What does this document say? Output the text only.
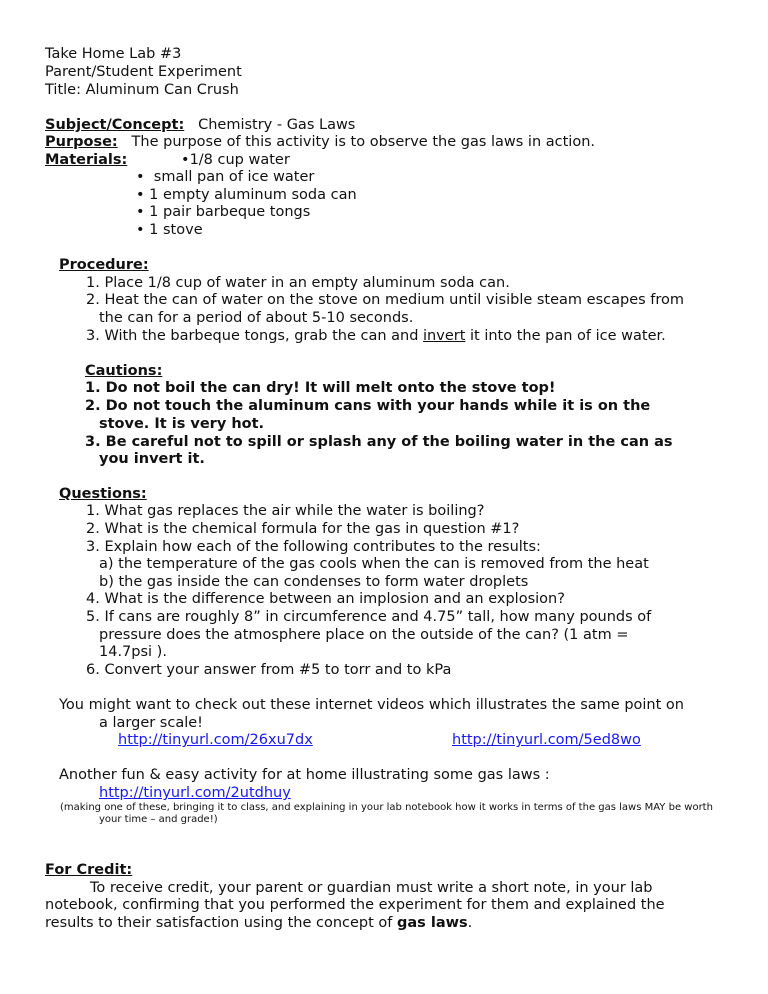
Take Home Lab #3
Parent/Student Experiment
Title: Aluminum Can Crush
Subject/Concept: Chemistry - Gas Laws
Purpose: The purpose of this activity is to observe the gas laws in action.
Materials:	•1/8 cup water
•  small pan of ice water
• 1 empty aluminum soda can
• 1 pair barbeque tongs
• 1 stove
Procedure:
1. Place 1/8 cup of water in an empty aluminum soda can.
2. Heat the can of water on the stove on medium until visible steam escapes from
the can for a period of about 5-10 seconds.
3. With the barbeque tongs, grab the can and invert it into the pan of ice water.
Cautions:
1. Do not boil the can dry! It will melt onto the stove top!
2. Do not touch the aluminum cans with your hands while it is on the
stove. It is very hot.
3. Be careful not to spill or splash any of the boiling water in the can as
you invert it.
Questions:
1. What gas replaces the air while the water is boiling?
2. What is the chemical formula for the gas in question #1?
3. Explain how each of the following contributes to the results:
a) the temperature of the gas cools when the can is removed from the heat
b) the gas inside the can condenses to form water droplets
4. What is the difference between an implosion and an explosion?
5. If cans are roughly 8” in circumference and 4.75” tall, how many pounds of
pressure does the atmosphere place on the outside of the can? (1 atm =
14.7psi ).
6. Convert your answer from #5 to torr and to kPa
You might want to check out these internet videos which illustrates the same point on
a larger scale!
http://tinyurl.com/26xu7dx	http://tinyurl.com/5ed8wo
Another fun & easy activity for at home illustrating some gas laws :
http://tinyurl.com/2utdhuy
(making one of these, bringing it to class, and explaining in your lab notebook how it works in terms of the gas laws MAY be worth
your time – and grade!)
For Credit:
To receive credit, your parent or guardian must write a short note, in your lab
notebook, confirming that you performed the experiment for them and explained the
results to their satisfaction using the concept of gas laws.
